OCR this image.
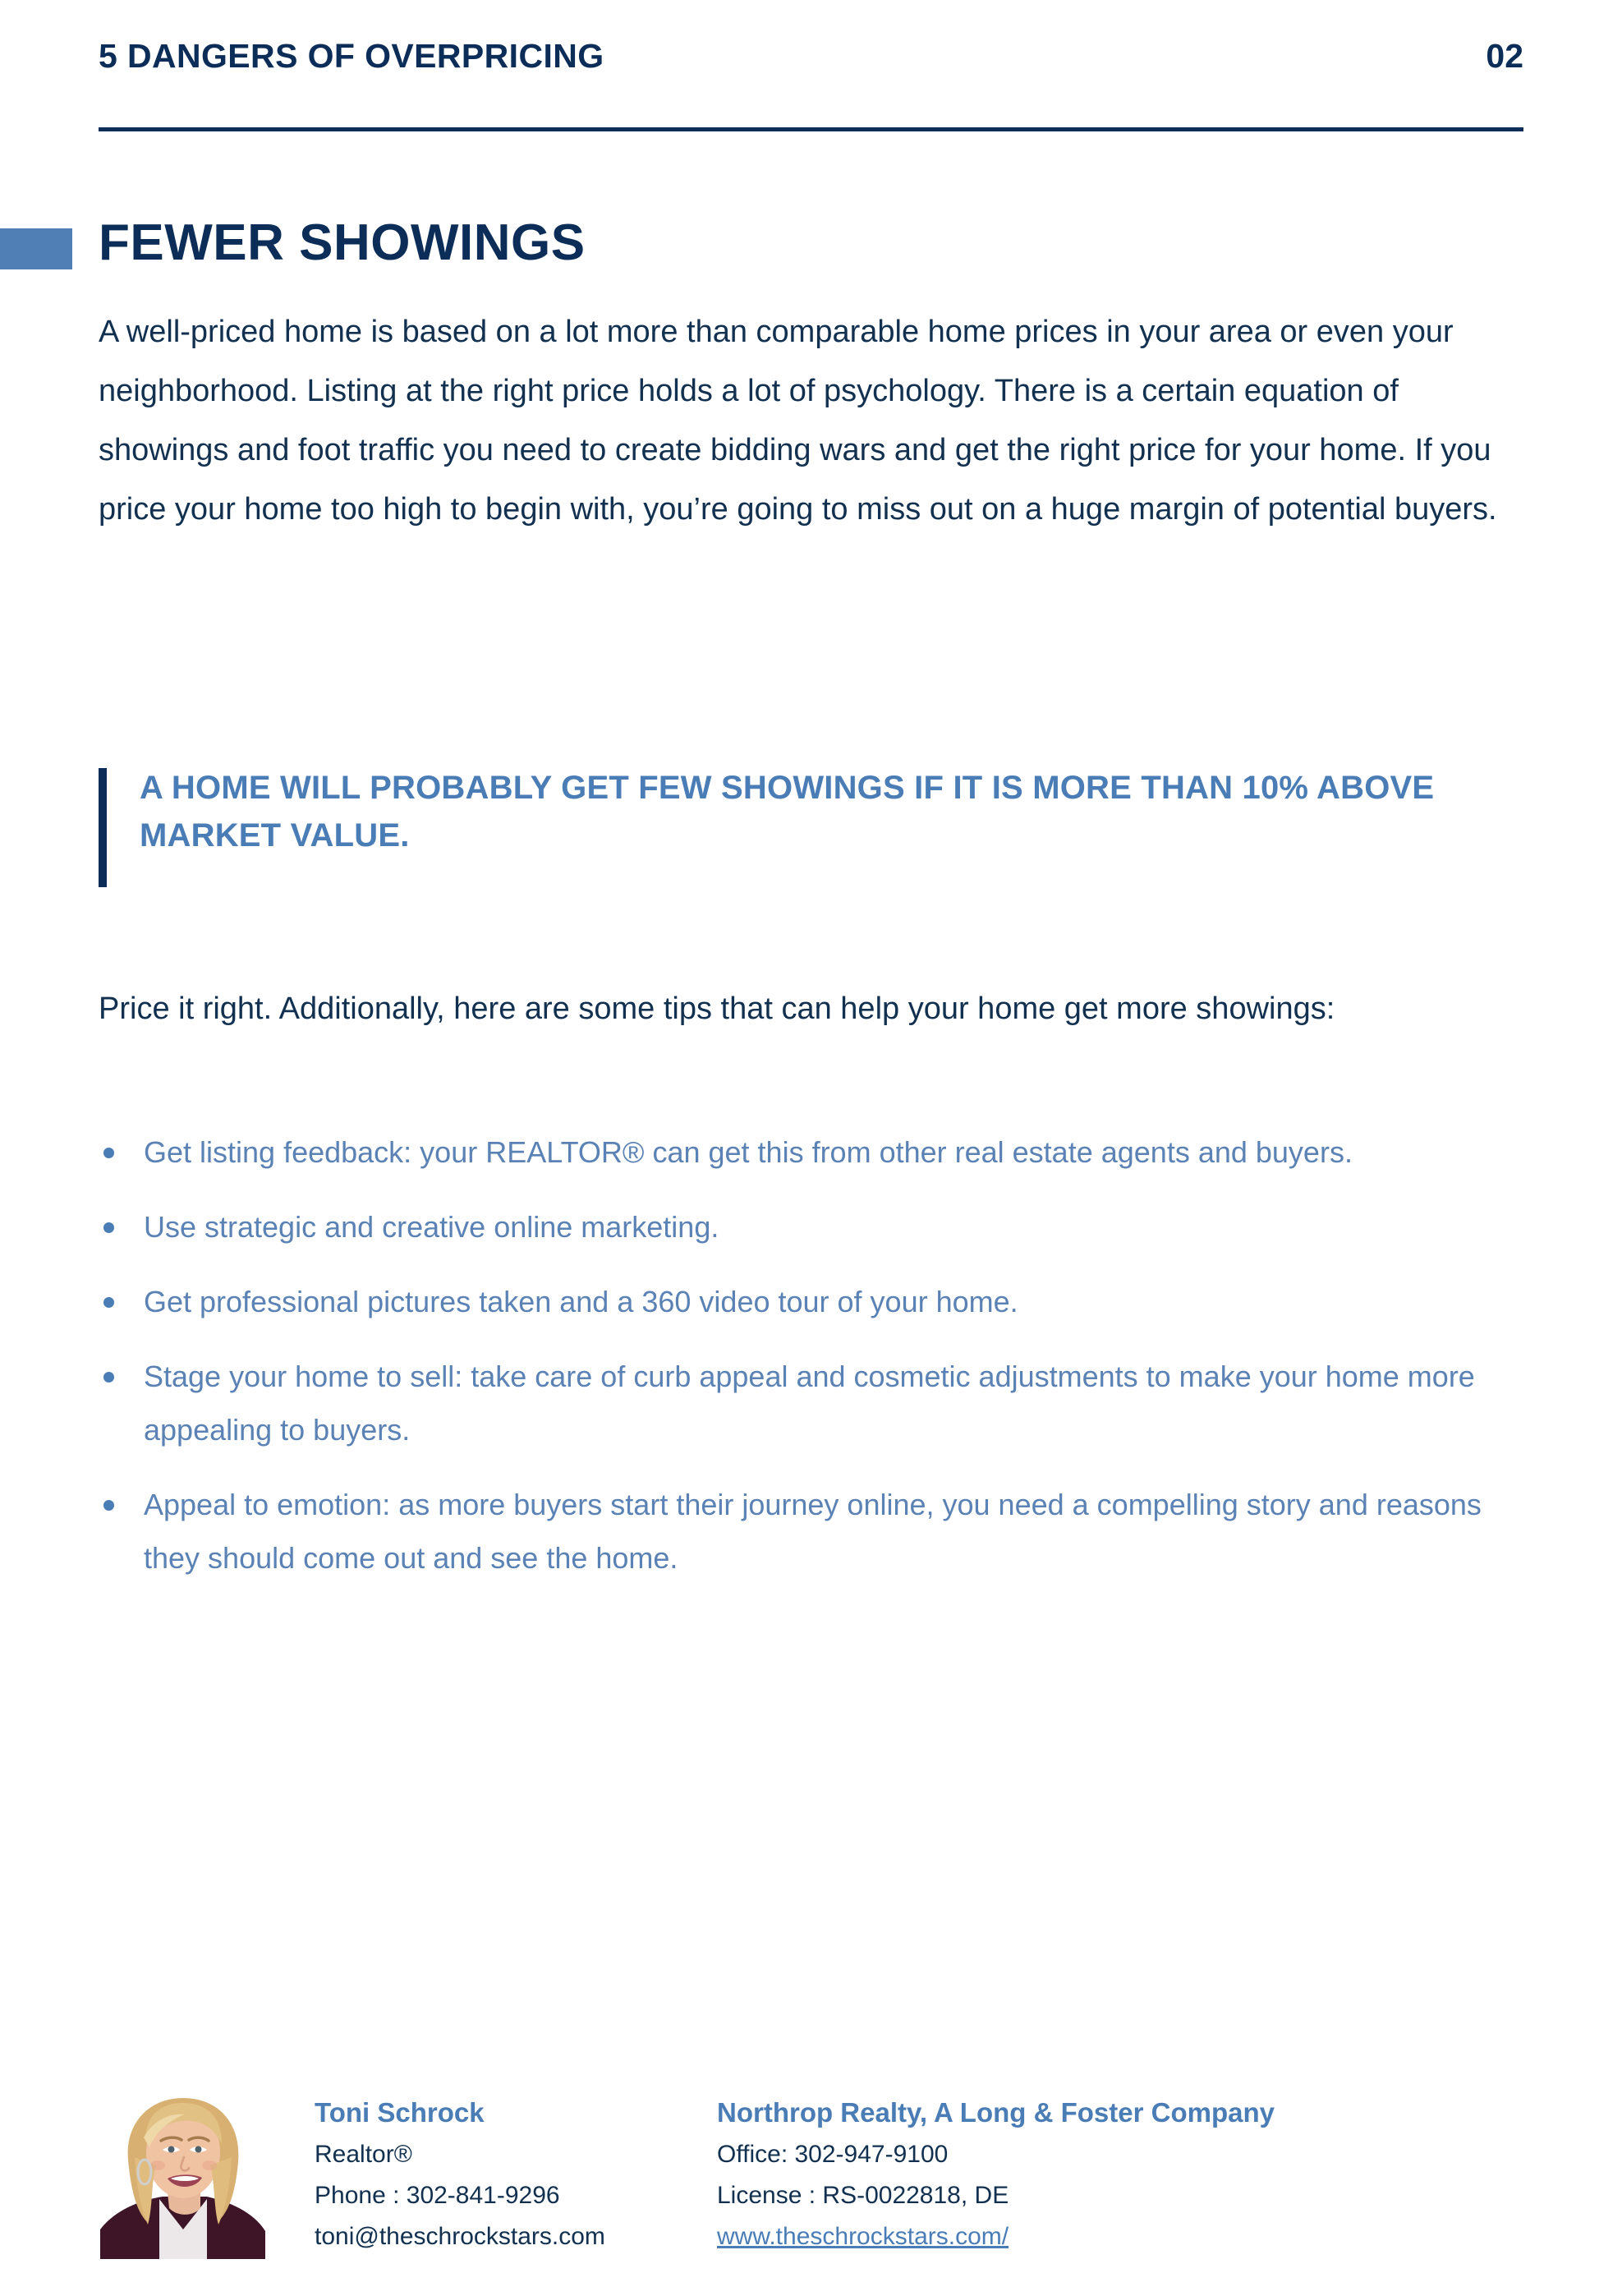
5 DANGERS OF OVERPRICING	02
FEWER SHOWINGS
A well-priced home is based on a lot more than comparable home prices in your area or even your neighborhood. Listing at the right price holds a lot of psychology. There is a certain equation of showings and foot traffic you need to create bidding wars and get the right price for your home. If you price your home too high to begin with, you’re going to miss out on a huge margin of potential buyers.
A HOME WILL PROBABLY GET FEW SHOWINGS IF IT IS MORE THAN 10% ABOVE MARKET VALUE.
Price it right. Additionally, here are some tips that can help your home get more showings:
Get listing feedback: your REALTOR® can get this from other real estate agents and buyers.
Use strategic and creative online marketing.
Get professional pictures taken and a 360 video tour of your home.
Stage your home to sell: take care of curb appeal and cosmetic adjustments to make your home more appealing to buyers.
Appeal to emotion: as more buyers start their journey online, you need a compelling story and reasons they should come out and see the home.
Toni Schrock
Realtor®
Phone : 302-841-9296
toni@theschrockstars.com
Northrop Realty, A Long & Foster Company
Office: 302-947-9100
License : RS-0022818, DE
www.theschrockstars.com/
